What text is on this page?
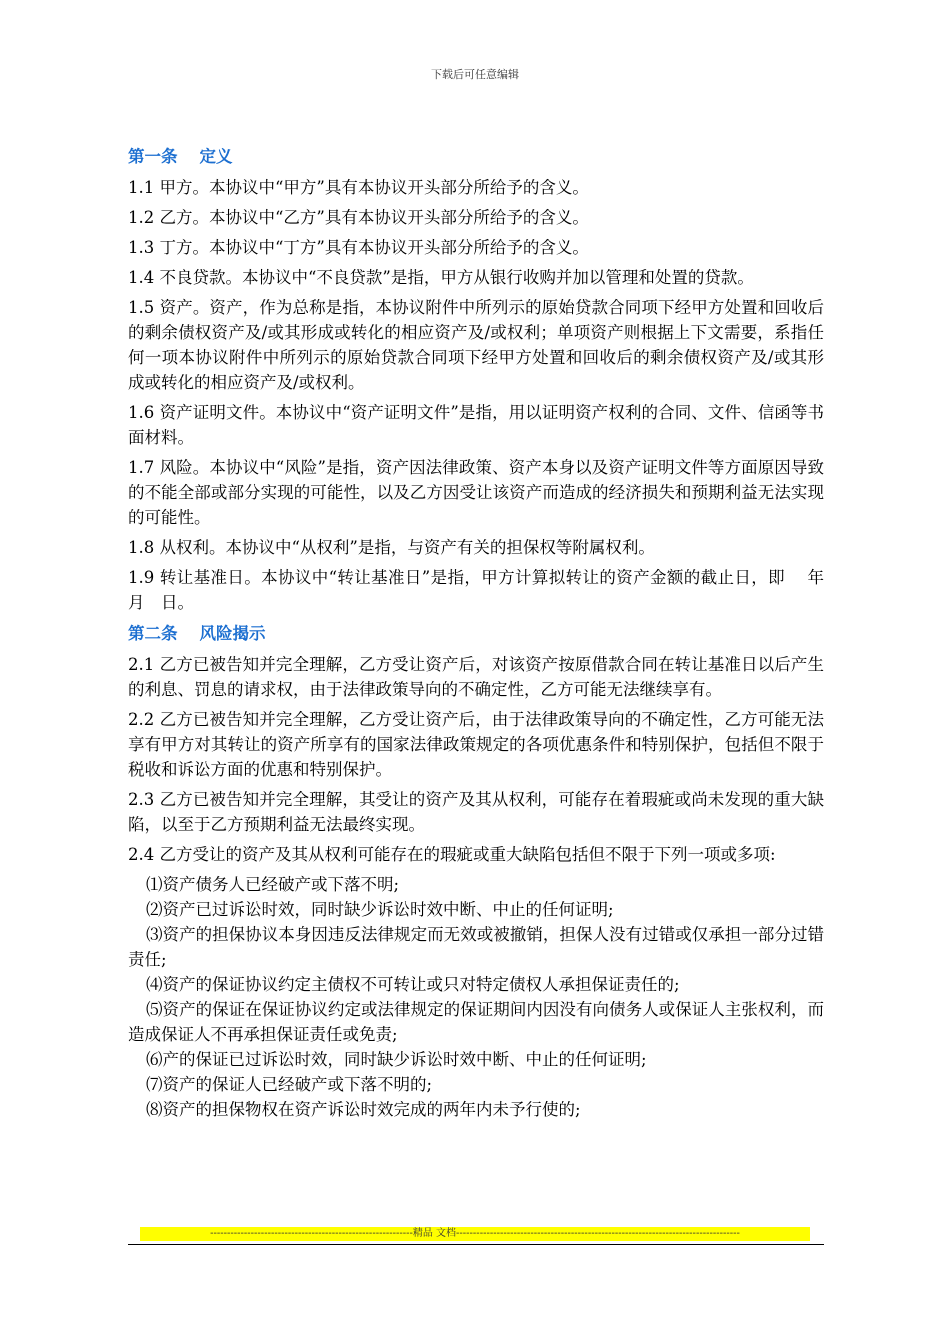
下载后可任意编辑
第一条 定义

1.1 甲方。本协议中“甲方”具有本协议开头部分所给予的含义。

1.2 乙方。本协议中“乙方”具有本协议开头部分所给予的含义。

1.3 丁方。本协议中“丁方”具有本协议开头部分所给予的含义。

1.4 不良贷款。本协议中“不良贷款”是指，甲方从银行收购并加以管理和处置的贷款。

1.5 资产。资产，作为总称是指，本协议附件中所列示的原始贷款合同项下经甲方处置和回收后的剩余债权资产及/或其形成或转化的相应资产及/或权利；单项资产则根据上下文需要，系指任何一项本协议附件中所列示的原始贷款合同项下经甲方处置和回收后的剩余债权资产及/或其形成或转化的相应资产及/或权利。

1.6 资产证明文件。本协议中“资产证明文件”是指，用以证明资产权利的合同、文件、信函等书面材料。

1.7 风险。本协议中“风险”是指，资产因法律政策、资产本身以及资产证明文件等方面原因导致的不能全部或部分实现的可能性，以及乙方因受让该资产而造成的经济损失和预期利益无法实现的可能性。

1.8 从权利。本协议中“从权利”是指，与资产有关的担保权等附属权利。

1.9 转让基准日。本协议中“转让基准日”是指，甲方计算拟转让的资产金额的截止日，即　 年　月　日。

第二条 风险揭示

2.1 乙方已被告知并完全理解，乙方受让资产后，对该资产按原借款合同在转让基准日以后产生的利息、罚息的请求权，由于法律政策导向的不确定性，乙方可能无法继续享有。

2.2 乙方已被告知并完全理解，乙方受让资产后，由于法律政策导向的不确定性，乙方可能无法享有甲方对其转让的资产所享有的国家法律政策规定的各项优惠条件和特别保护，包括但不限于税收和诉讼方面的优惠和特别保护。

2.3 乙方已被告知并完全理解，其受让的资产及其从权利，可能存在着瑕疵或尚未发现的重大缺陷，以至于乙方预期利益无法最终实现。

2.4 乙方受让的资产及其从权利可能存在的瑕疵或重大缺陷包括但不限于下列一项或多项:

⑴资产债务人已经破产或下落不明;

⑵资产已过诉讼时效，同时缺少诉讼时效中断、中止的任何证明;

⑶资产的担保协议本身因违反法律规定而无效或被撤销，担保人没有过错或仅承担一部分过错责任;

⑷资产的保证协议约定主债权不可转让或只对特定债权人承担保证责任的;

⑸资产的保证在保证协议约定或法律规定的保证期间内因没有向债务人或保证人主张权利，而造成保证人不再承担保证责任或免责;

⑹产的保证已过诉讼时效，同时缺少诉讼时效中断、中止的任何证明;

⑺资产的保证人已经破产或下落不明的;

⑻资产的担保物权在资产诉讼时效完成的两年内未予行使的;

------------------------------------------------------------精品 文档------------------------------------------------------------------------------------
